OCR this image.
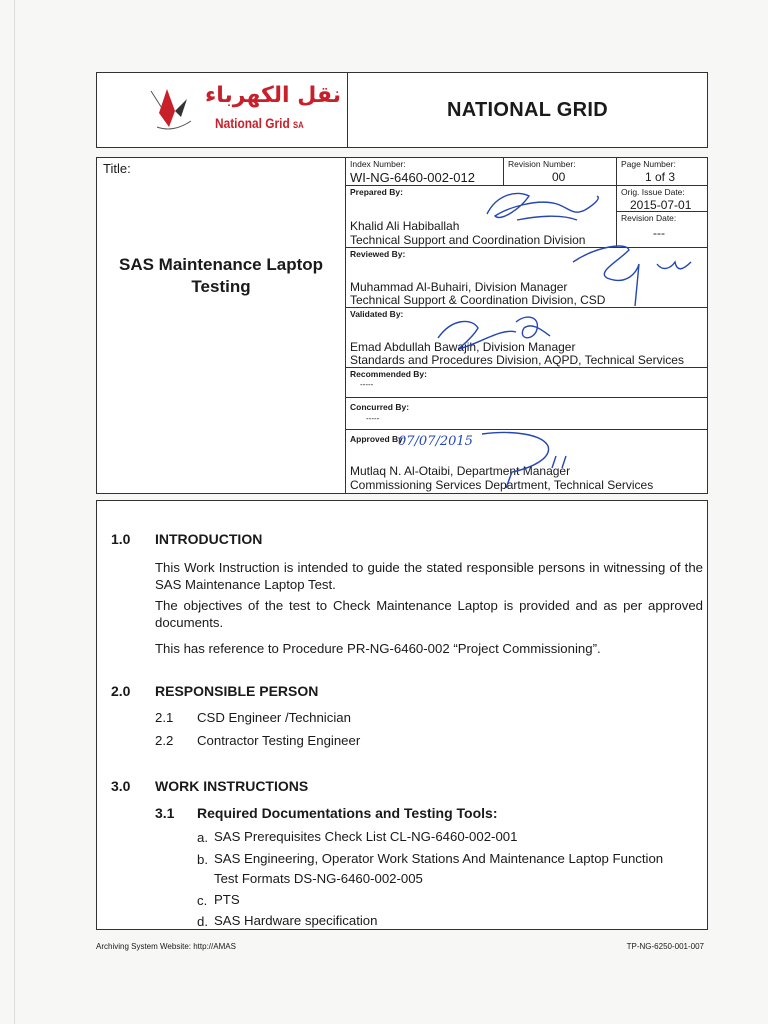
نقل الكهرباء
National Grid SA
NATIONAL GRID
Title:
SAS Maintenance Laptop
Testing
Index Number:
WI-NG-6460-002-012
Revision Number:
00
Page Number:
1 of 3
Prepared By:
Khalid Ali Habiballah
Technical Support and Coordination Division
Orig. Issue Date:
2015-07-01
Revision Date:
---
Reviewed By:
Muhammad Al-Buhairi, Division Manager
Technical Support & Coordination Division, CSD
Validated By:
Emad Abdullah Bawajih, Division Manager
Standards and Procedures Division, AQPD, Technical Services
Recommended By:
-----
Concurred By:
-----
Approved By:
07/07/2015
Mutlaq N. Al-Otaibi, Department Manager
Commissioning Services Department, Technical Services
1.0 INTRODUCTION
This Work Instruction is intended to guide the stated responsible persons in witnessing of the SAS Maintenance Laptop Test.
The objectives of the test to Check Maintenance Laptop is provided and as per approved documents.
This has reference to Procedure PR-NG-6460-002 “Project Commissioning”.
2.0 RESPONSIBLE PERSON
2.1 CSD Engineer /Technician
2.2 Contractor Testing Engineer
3.0 WORK INSTRUCTIONS
3.1 Required Documentations and Testing Tools:
a. SAS Prerequisites Check List CL-NG-6460-002-001
b. SAS Engineering, Operator Work Stations And Maintenance Laptop Function Test Formats DS-NG-6460-002-005
c. PTS
d. SAS Hardware specification
Archiving System Website: http://AMAS	TP-NG-6250-001-007
